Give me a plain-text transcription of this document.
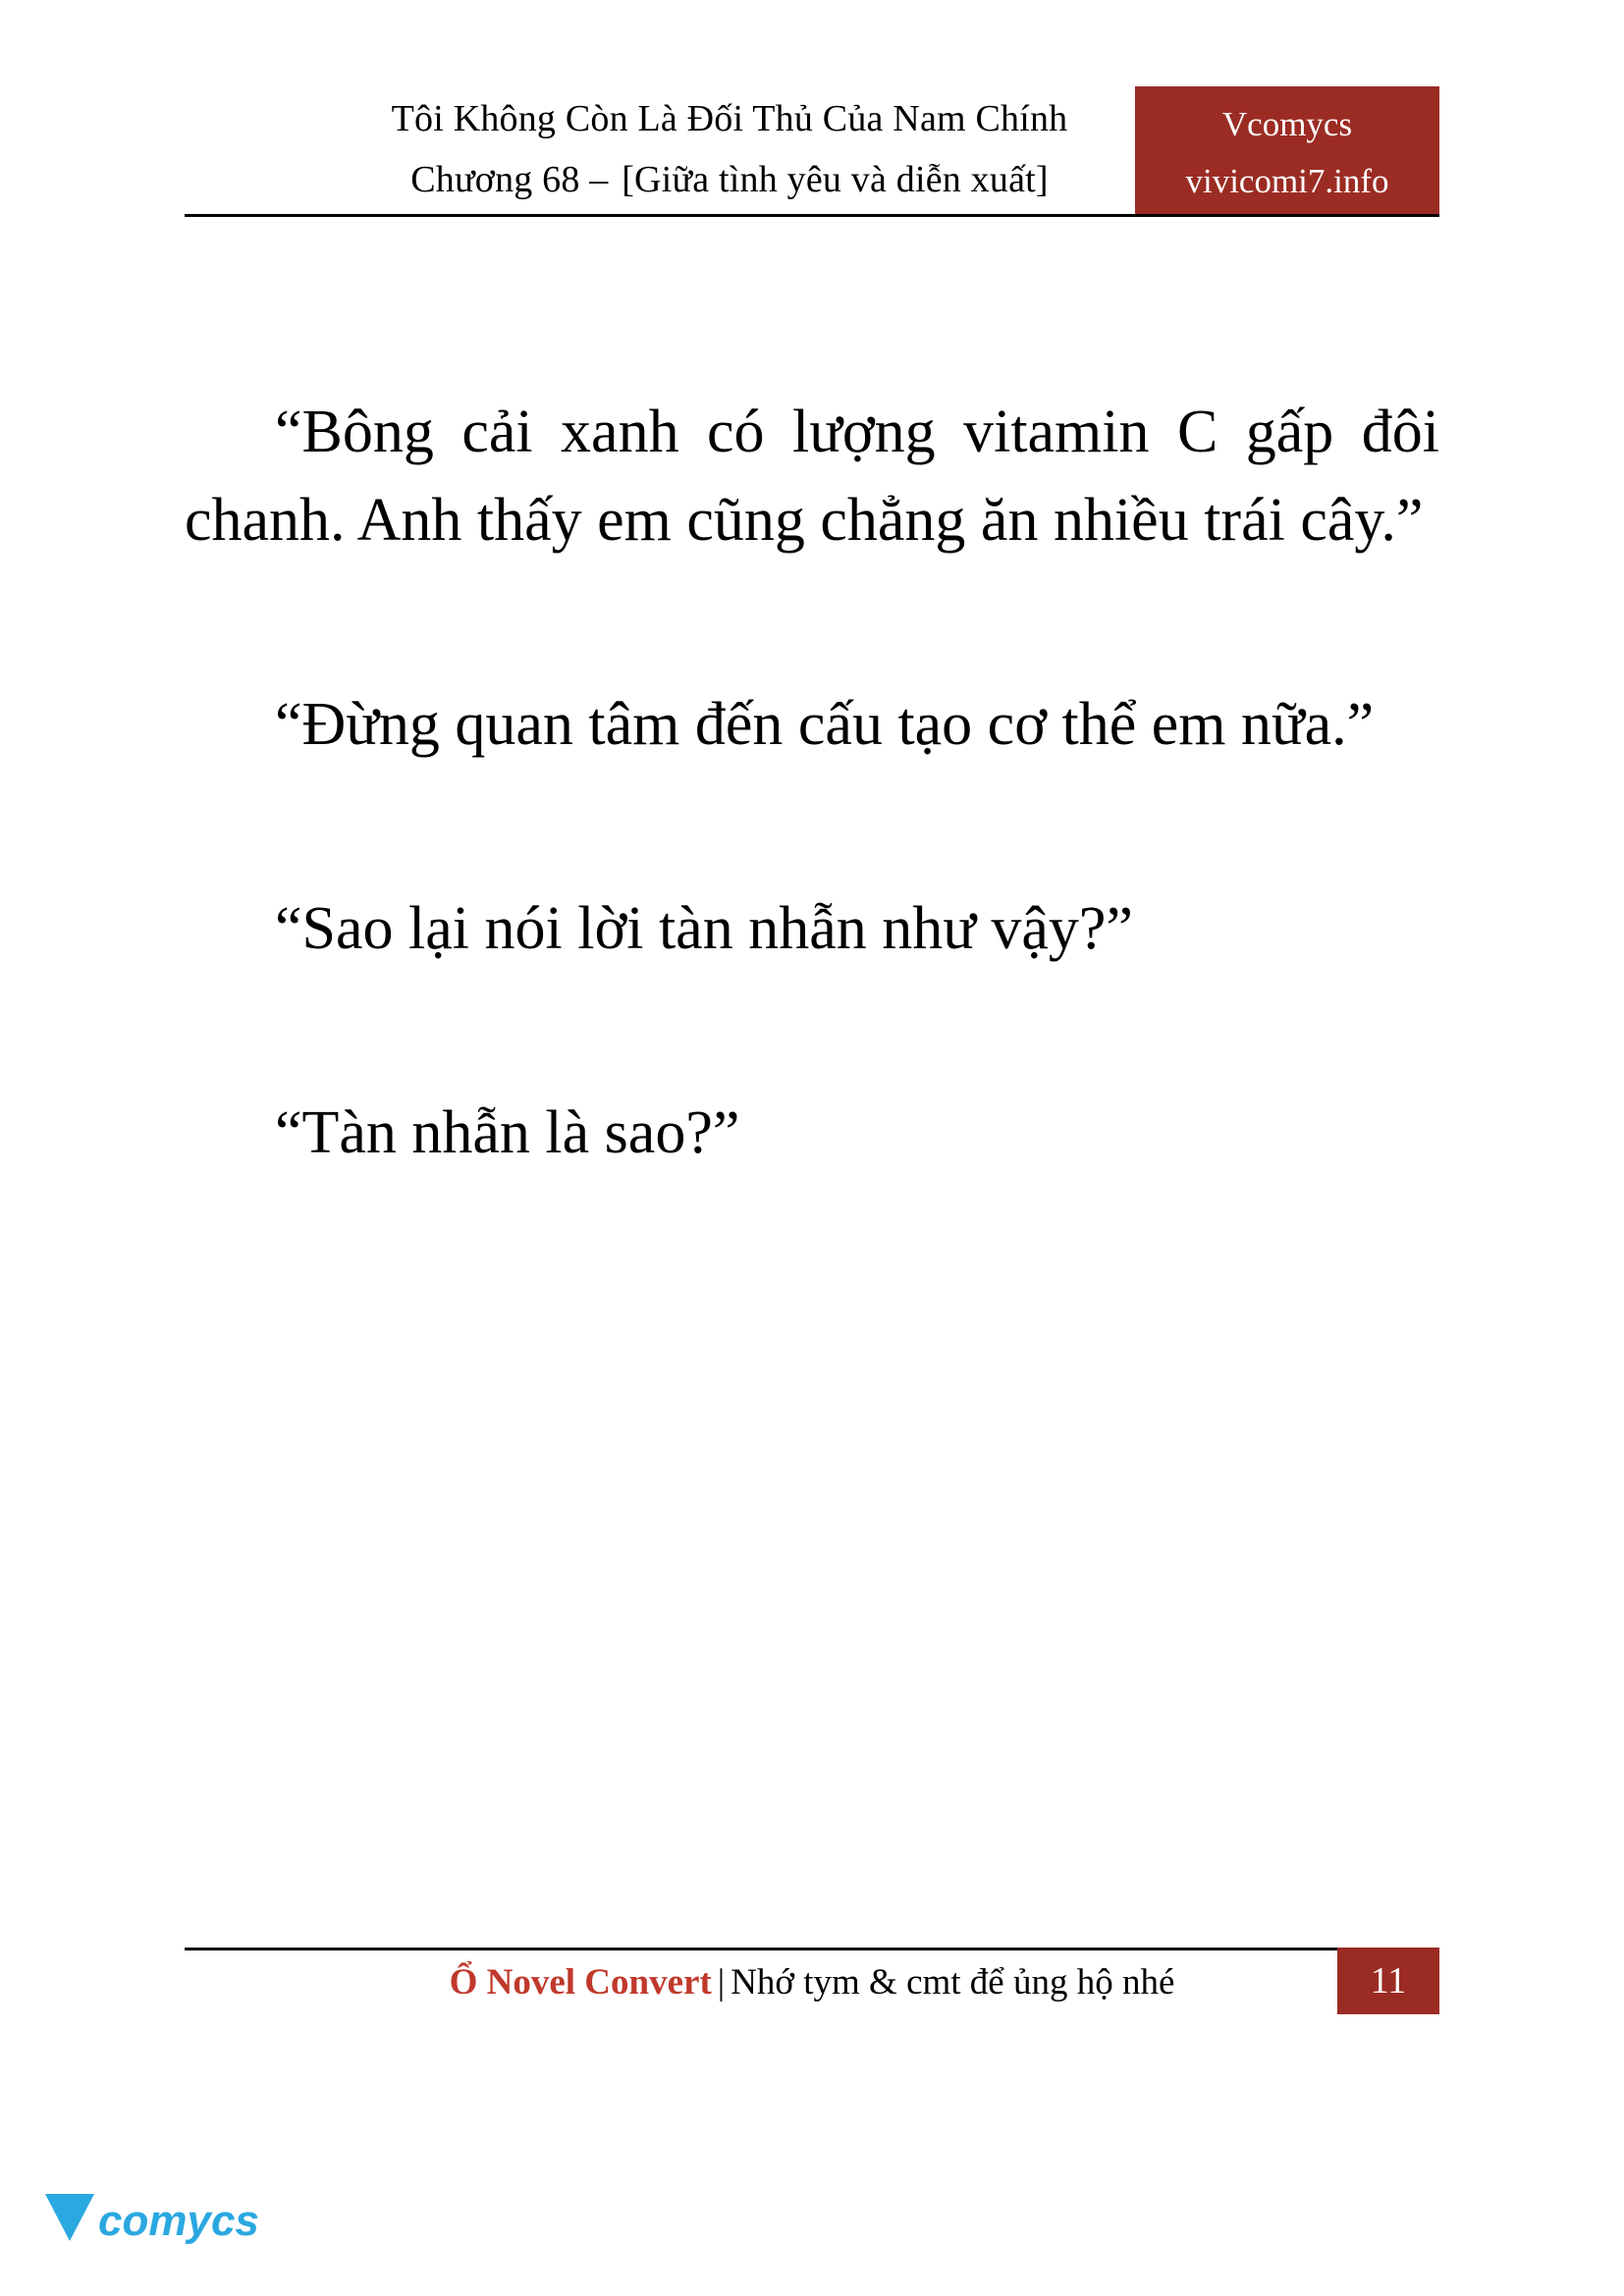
Tôi Không Còn Là Đối Thủ Của Nam Chính
Chương 68 – [Giữa tình yêu và diễn xuất]
Vcomycs
vivicomi7.info

“Bông cải xanh có lượng vitamin C gấp đôi chanh. Anh thấy em cũng chẳng ăn nhiều trái cây.”

“Đừng quan tâm đến cấu tạo cơ thể em nữa.”

“Sao lại nói lời tàn nhẫn như vậy?”

“Tàn nhẫn là sao?”

Ổ Novel Convert | Nhớ tym & cmt để ủng hộ nhé	11
comycs
